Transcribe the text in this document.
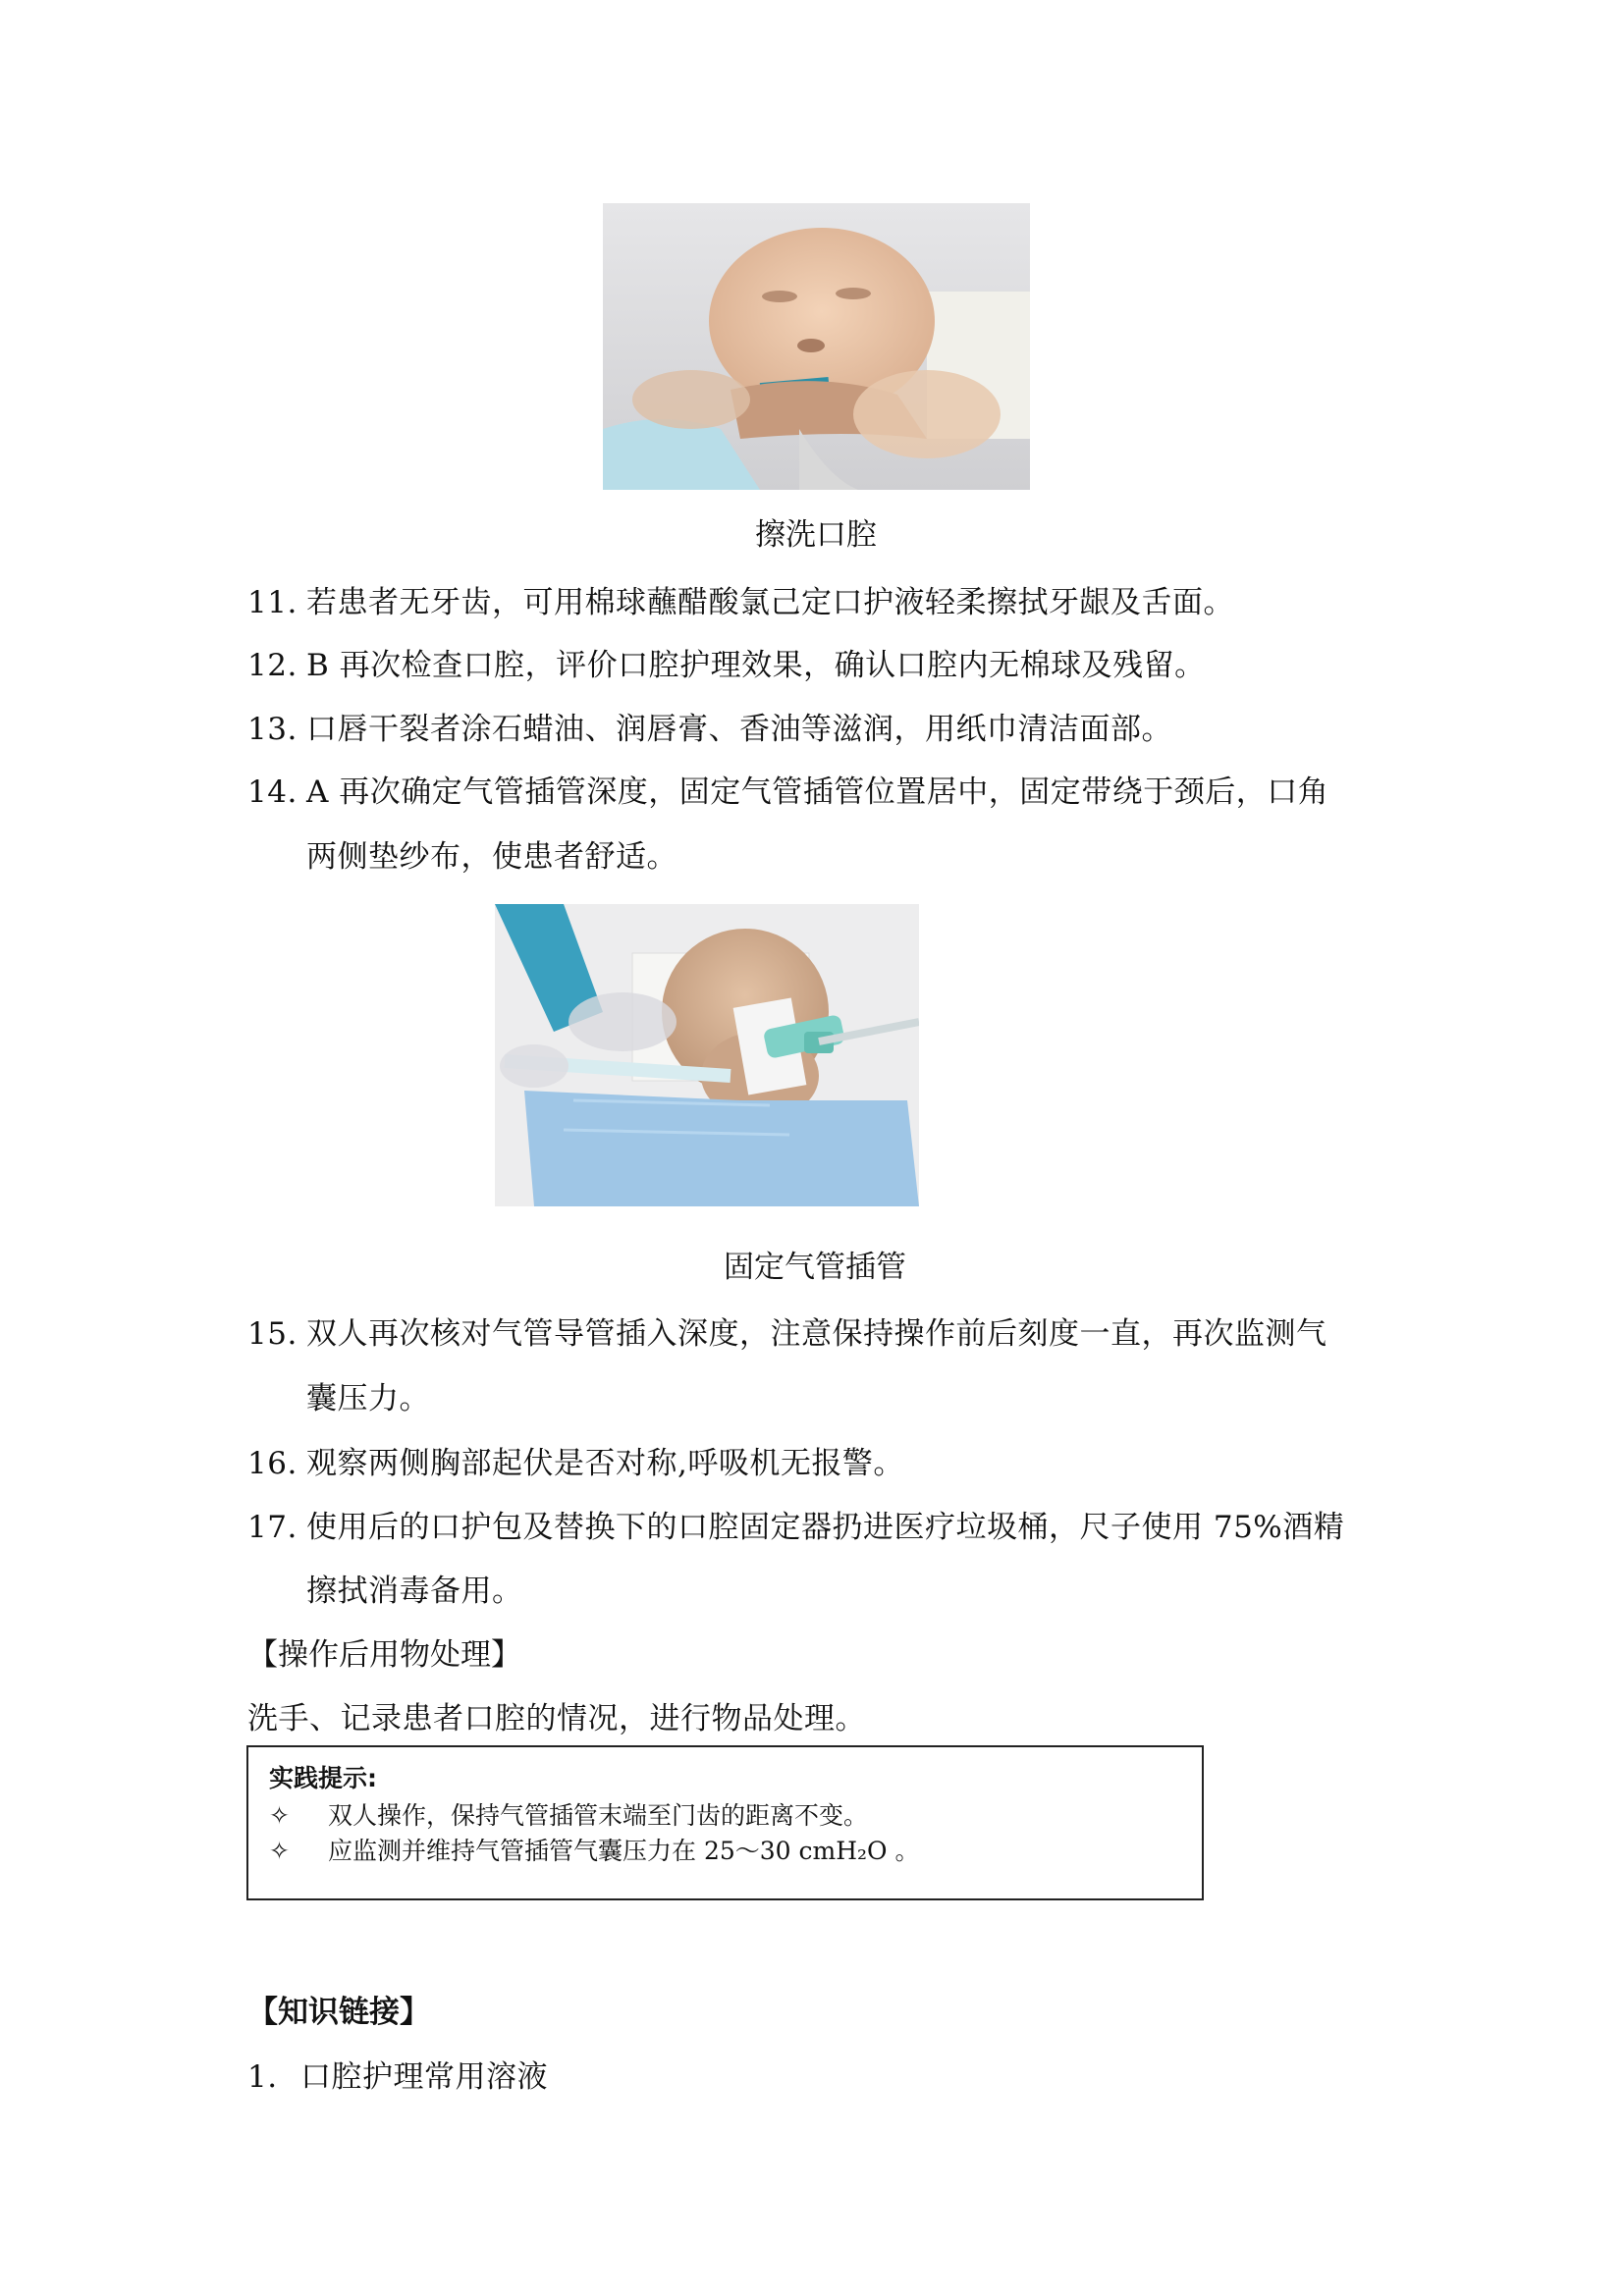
擦洗口腔
11. 若患者无牙齿，可用棉球蘸醋酸氯己定口护液轻柔擦拭牙龈及舌面。
12. B 再次检查口腔，评价口腔护理效果，确认口腔内无棉球及残留。
13. 口唇干裂者涂石蜡油、润唇膏、香油等滋润，用纸巾清洁面部。
14. A 再次确定气管插管深度，固定气管插管位置居中，固定带绕于颈后，口角
两侧垫纱布，使患者舒适。
固定气管插管
15. 双人再次核对气管导管插入深度，注意保持操作前后刻度一直，再次监测气
囊压力。
16. 观察两侧胸部起伏是否对称,呼吸机无报警。
17. 使用后的口护包及替换下的口腔固定器扔进医疗垃圾桶，尺子使用 75%酒精
擦拭消毒备用。
【操作后用物处理】
洗手、记录患者口腔的情况，进行物品处理。
实践提示:
✧ 双人操作，保持气管插管末端至门齿的距离不变。
✧ 应监测并维持气管插管气囊压力在 25～30 cmH₂O 。
【知识链接】
1. 口腔护理常用溶液
